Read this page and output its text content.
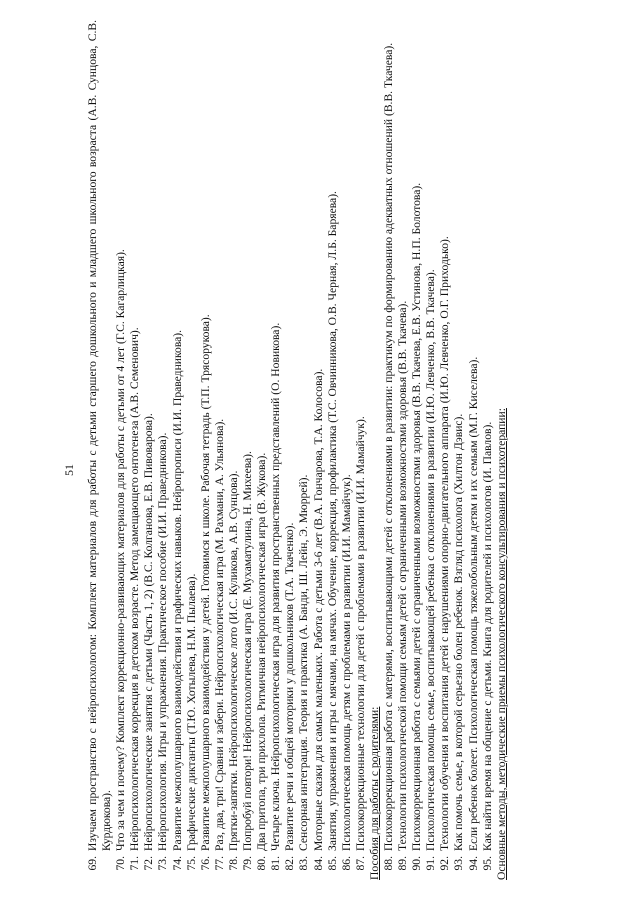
51
69.
Изучаем пространство с нейропсихологом: Комплект материалов для работы с детьми старшего дошкольного и младшего школьного возраста (А.В. Сунцова, С.В. Курдюкова).
70.
Что за чем и почему? Комплект коррекционно-развивающих материалов для работы с детьми от 4 лет (Г.С. Кагарлицкая).
71.
Нейропсихологическая коррекция в детском возрасте. Метод замещающего онтогенеза (А.В. Семенович).
72.
Нейропсихологические занятия с детьми (Часть 1, 2) (В.С. Колганова, Е.В. Пивоварова).
73.
Нейропсихология. Игры и упражнения. Практическое пособие (И.И. Праведникова).
74.
Развитие межполушарного взаимодействия и графических навыков. Нейропрописи (И.И. Праведникова).
75.
Графические диктанты (Т.Ю. Хотылева, Н.М. Пылаева).
76.
Развитие межполушарного взаимодействия у детей. Готовимся к школе. Рабочая тетрадь (Т.П. Трясорукова).
77.
Раз, два, три! Сравни и забери. Нейропсихологическая игра (М. Рахмани, А. Ульянова).
78.
Прятки-запятки. Нейропсихологическое лото (И.С. Куликова, А.В. Сунцова).
79.
Попробуй повтори! Нейропсихологическая игра (Е. Мухаматулина, Н. Михеева).
80.
Два притопа, три прихлопа. Ритмичная нейропсихологическая игра (В. Жукова).
81.
Четыре ключа. Нейропсихологическая игра для развития пространственных представлений (О. Новикова).
82.
Развитие речи и общей моторики у дошкольников (Т.А. Ткаченко).
83.
Сенсорная интеграция. Теория и практика (А. Банди, Ш. Лейн, Э. Мюррей).
84.
Моторные сказки для самых маленьких. Работа с детьми 3-6 лет (В.А. Гончарова, Т.А. Колосова).
85.
Занятия, упражнения и игры с мячами, на мячах. Обучение, коррекция, профилактика (Т.С. Овчинникова, О.В. Черная, Л.Б. Баряева).
86.
Психологическая помощь детям с проблемами в развитии (И.И. Мамайчук).
87.
Психокоррекционные технологии для детей с проблемами в развитии (И.И. Мамайчук). Пособия для работы с родителями: 88.
Психокоррекционная работа с матерями, воспитывающими детей с отклонениями в развитии: практикум по формированию адекватных отношений (В.В. Ткачева).
89.
Технологии психологической помощи семьям детей с ограниченными возможностями здоровья (В.В. Ткачева).
90.
Психокоррекционная работа с семьями детей с ограниченными возможностями здоровья (В.В. Ткачева, Е.В. Устинова, Н.П. Болотова).
91.
Психологическая помощь семье, воспитывающей ребенка с отклонениями в развитии (И.Ю. Левченко, В.В. Ткачева).
92.
Технологии обучения и воспитания детей с нарушениями опорно-двигательного аппарата (И.Ю. Левченко, О.Г. Приходько).
93.
Как помочь семье, в которой серьезно болен ребенок. Взгляд психолога (Хилтон Дэвис).
94.
Если ребенок болеет. Психологическая помощь тяжелобольным детям и их семьям (М.Г. Киселева).
95.
Как найти время на общение с детьми. Книга для родителей и психологов (И. Павлов). Основные методы, методические приемы психологического консультирования и психотерапии:
